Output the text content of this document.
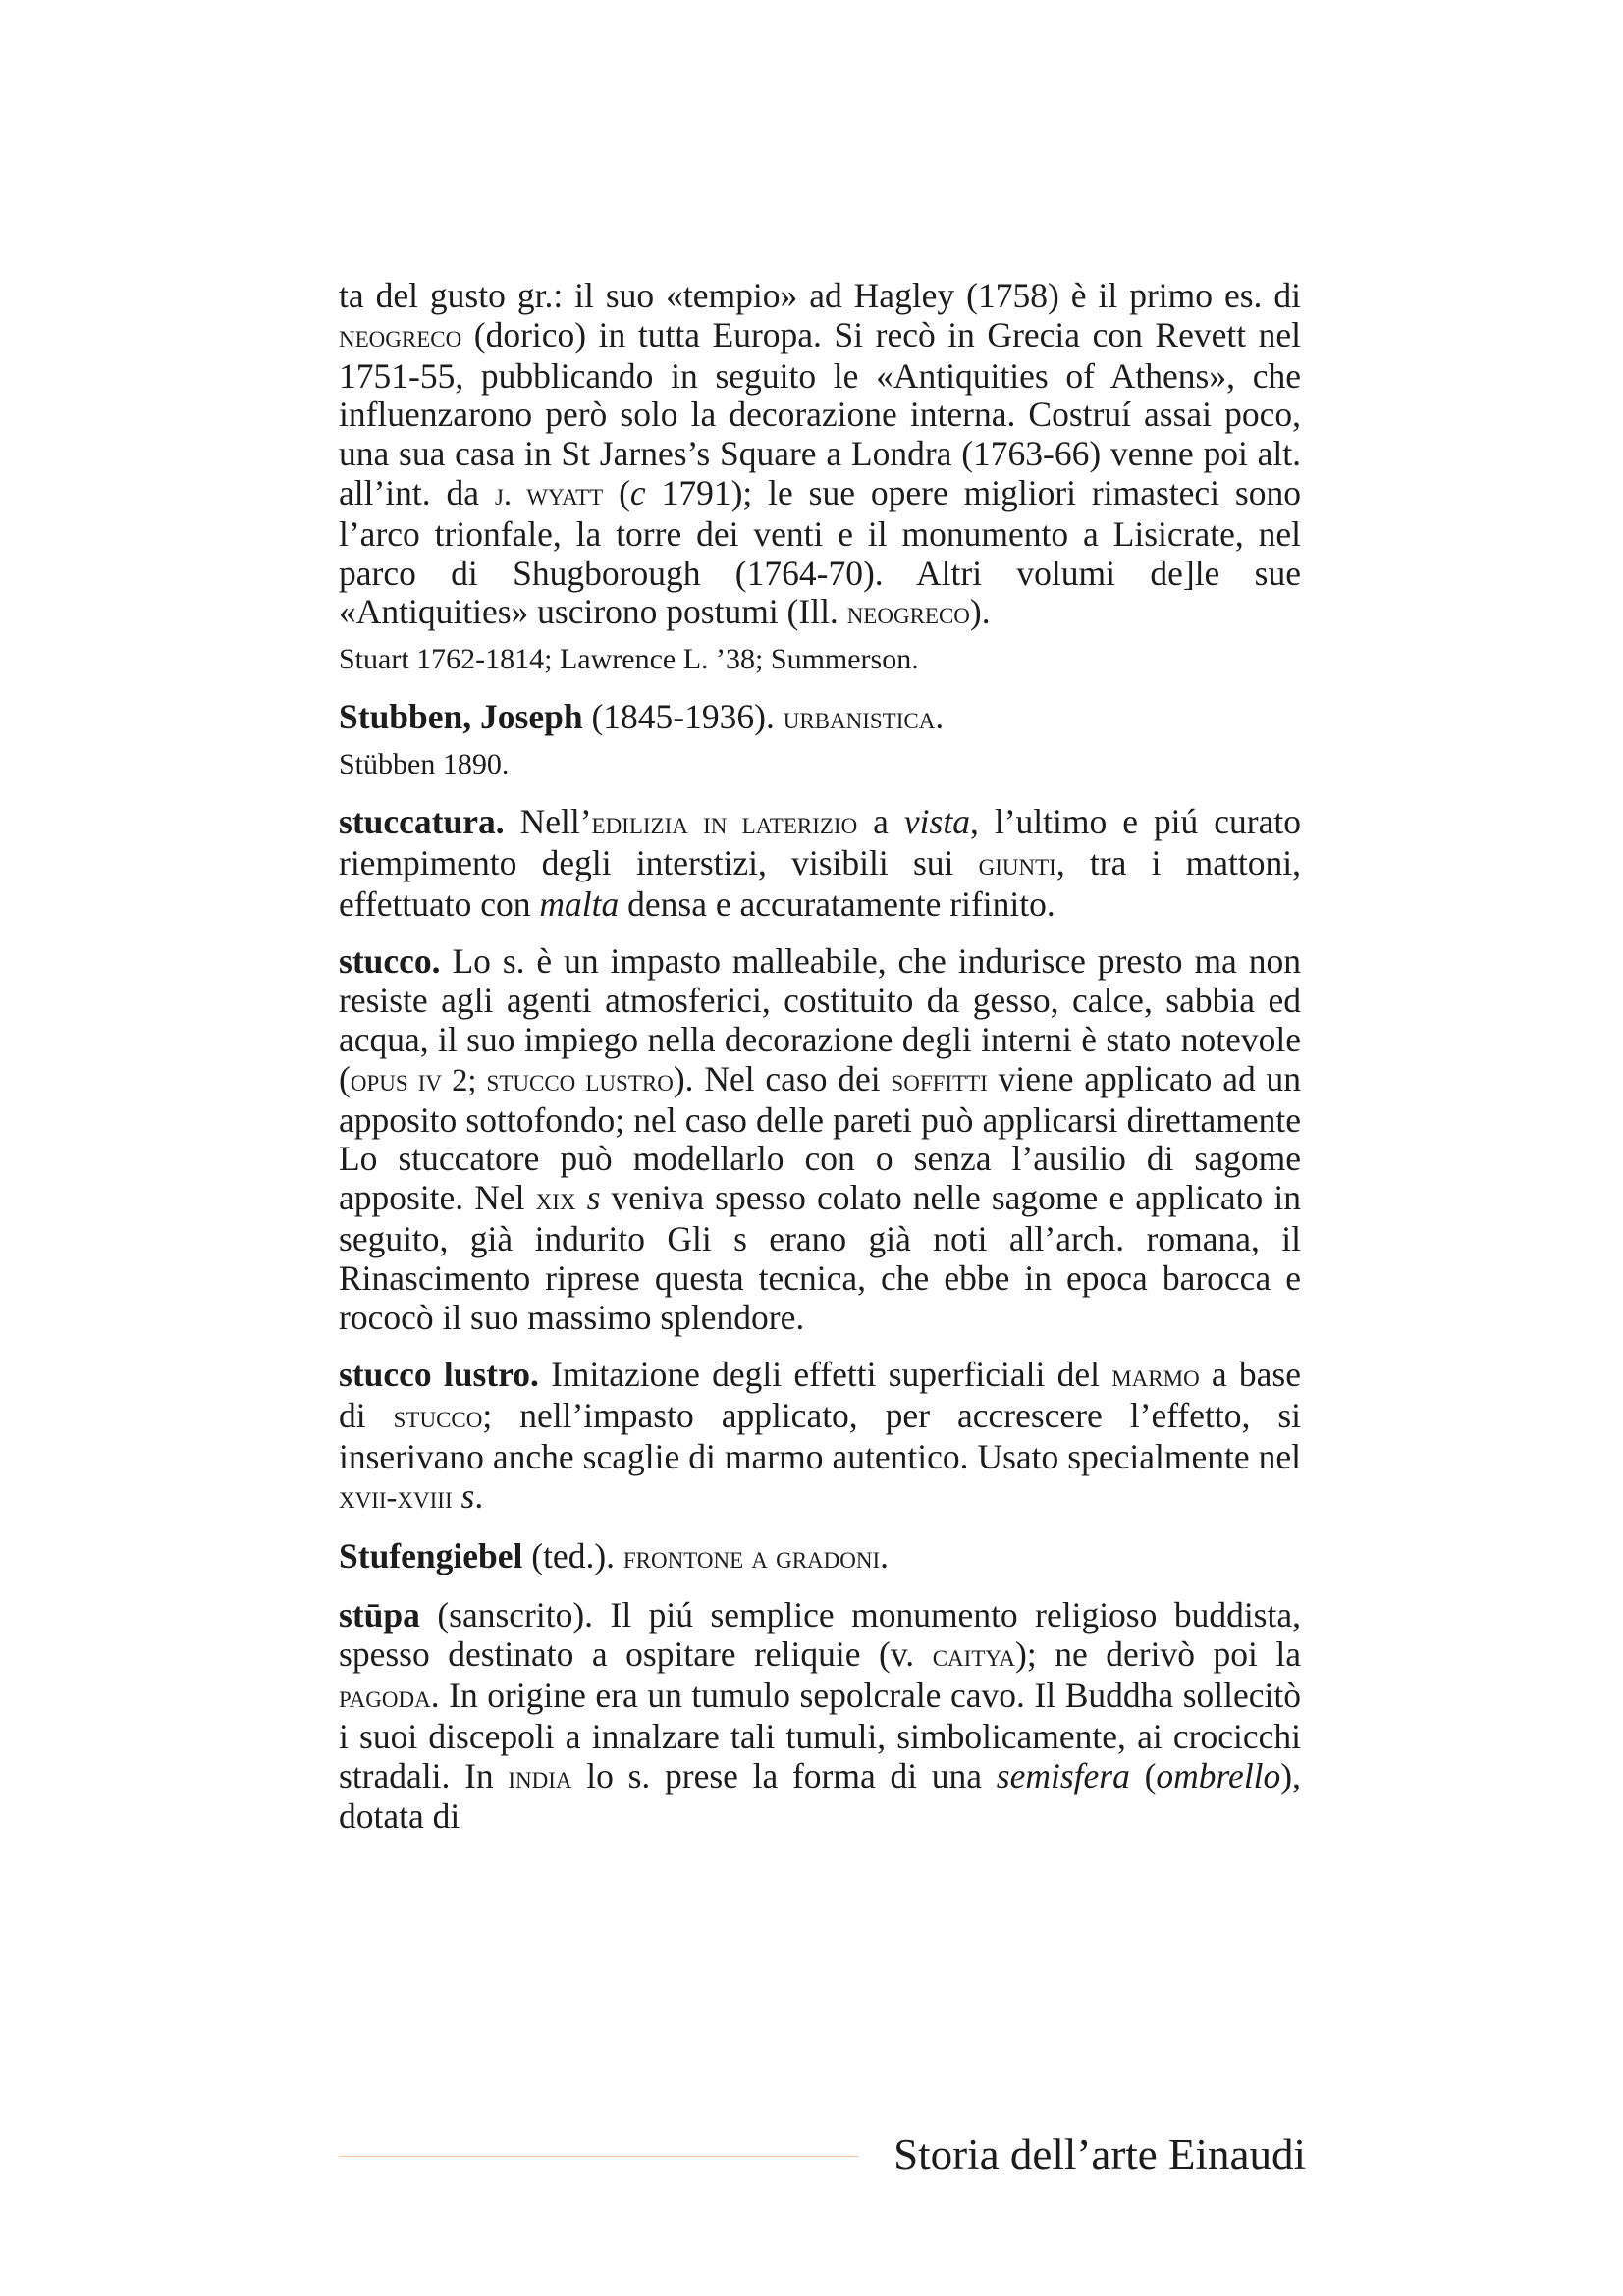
ta del gusto gr.: il suo «tempio» ad Hagley (1758) è il primo es. di neogreco (dorico) in tutta Europa. Si recò in Grecia con Revett nel 1751-55, pubblicando in seguito le «Antiquities of Athens», che influenzarono però solo la decorazione interna. Costruí assai poco, una sua casa in St Jarnes’s Square a Londra (1763-66) venne poi alt. all’int. da j. wyatt (c 1791); le sue opere migliori rimasteci sono l’arco trionfale, la torre dei venti e il monumento a Lisicrate, nel parco di Shugborough (1764-70). Altri volumi de]le sue «Antiquities» uscirono postumi (Ill. neogreco).

Stuart 1762-1814; Lawrence L. ’38; Summerson.

Stubben, Joseph (1845-1936). urbanistica.

Stübben 1890.

stuccatura. Nell’edilizia in laterizio a vista, l’ultimo e piú curato riempimento degli interstizi, visibili sui giunti, tra i mattoni, effettuato con malta densa e accuratamente rifinito.

stucco. Lo s. è un impasto malleabile, che indurisce presto ma non resiste agli agenti atmosferici, costituito da gesso, calce, sabbia ed acqua, il suo impiego nella decorazione degli interni è stato notevole (opus iv 2; stucco lustro). Nel caso dei soffitti viene applicato ad un apposito sottofondo; nel caso delle pareti può applicarsi direttamente Lo stuccatore può modellarlo con o senza l’ausilio di sagome apposite. Nel xix s veniva spesso colato nelle sagome e applicato in seguito, già indurito Gli s erano già noti all’arch. romana, il Rinascimento riprese questa tecnica, che ebbe in epoca barocca e rococò il suo massimo splendore.

stucco lustro. Imitazione degli effetti superficiali del marmo a base di stucco; nell’impasto applicato, per accrescere l’effetto, si inserivano anche scaglie di marmo autentico. Usato specialmente nel xvii-xviii s.

Stufengiebel (ted.). frontone a gradoni.

stūpa (sanscrito). Il piú semplice monumento religioso buddista, spesso destinato a ospitare reliquie (v. caitya); ne derivò poi la pagoda. In origine era un tumulo sepolcrale cavo. Il Buddha sollecitò i suoi discepoli a innalzare tali tumuli, simbolicamente, ai crocicchi stradali. In india lo s. prese la forma di una semisfera (ombrello), dotata di

Storia dell’arte Einaudi
